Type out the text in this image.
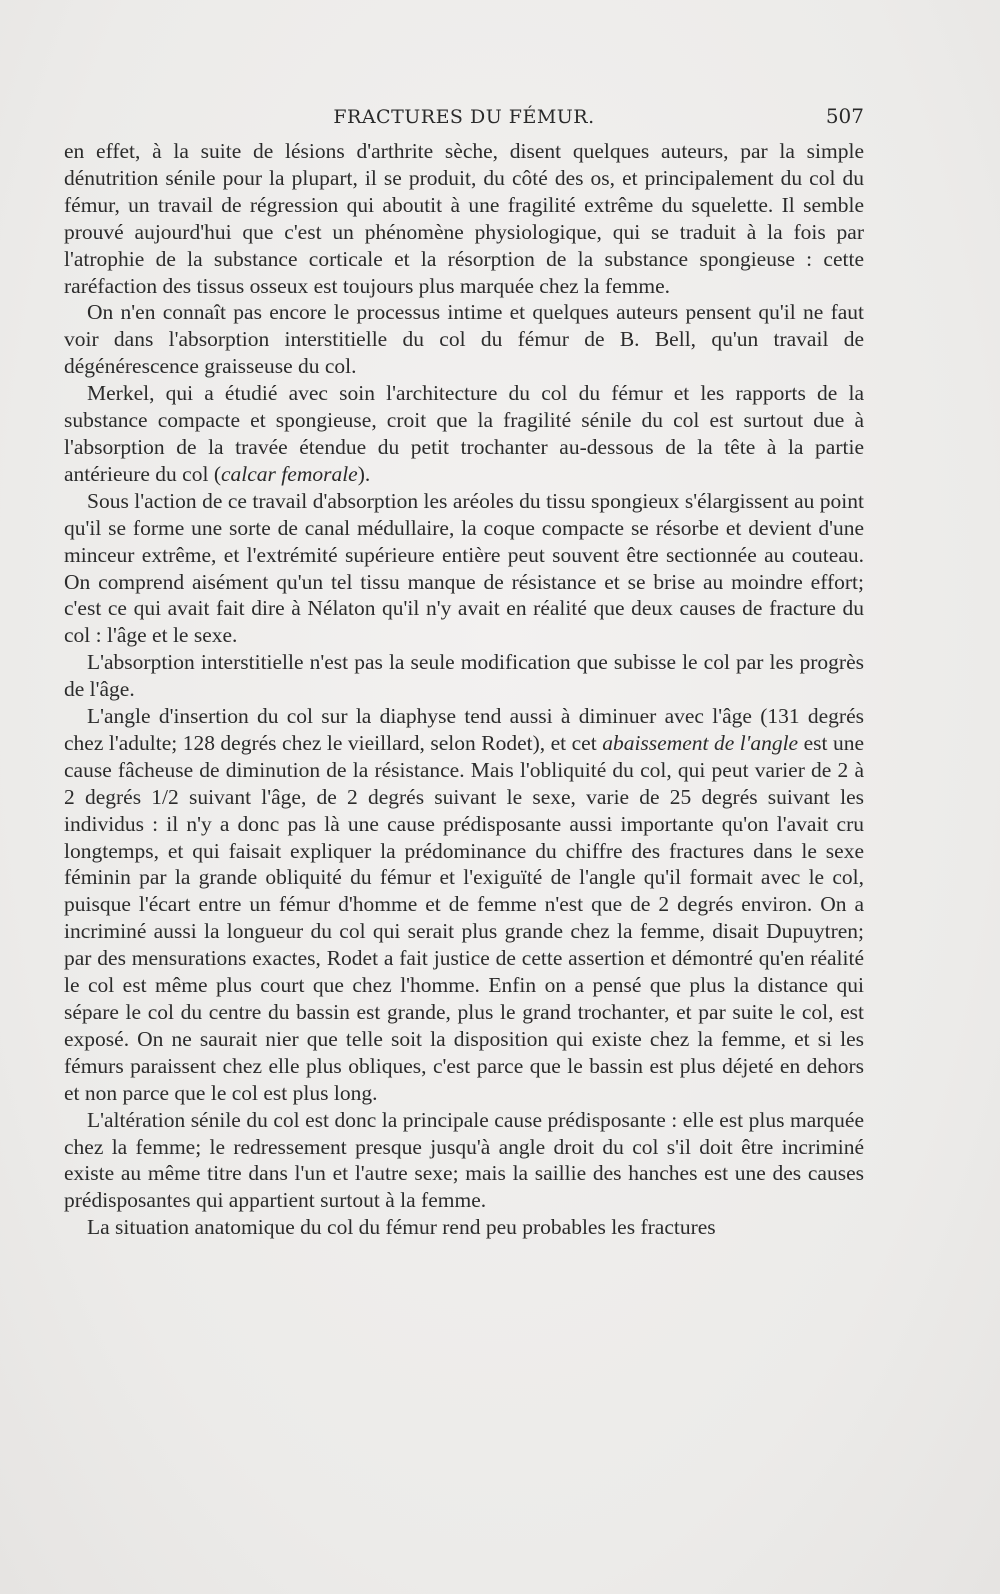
FRACTURES DU FÉMUR.	507

en effet, à la suite de lésions d'arthrite sèche, disent quelques auteurs, par la simple dénutrition sénile pour la plupart, il se produit, du côté des os, et principalement du col du fémur, un travail de régression qui aboutit à une fragilité extrême du squelette. Il semble prouvé aujourd'hui que c'est un phénomène physiologique, qui se traduit à la fois par l'atrophie de la substance corticale et la résorption de la substance spongieuse : cette raréfaction des tissus osseux est toujours plus marquée chez la femme.

On n'en connaît pas encore le processus intime et quelques auteurs pensent qu'il ne faut voir dans l'absorption interstitielle du col du fémur de B. Bell, qu'un travail de dégénérescence graisseuse du col.

Merkel, qui a étudié avec soin l'architecture du col du fémur et les rapports de la substance compacte et spongieuse, croit que la fragilité sénile du col est surtout due à l'absorption de la travée étendue du petit trochanter au-dessous de la tête à la partie antérieure du col (calcar femorale).

Sous l'action de ce travail d'absorption les aréoles du tissu spongieux s'élargissent au point qu'il se forme une sorte de canal médullaire, la coque compacte se résorbe et devient d'une minceur extrême, et l'extrémité supérieure entière peut souvent être sectionnée au couteau. On comprend aisément qu'un tel tissu manque de résistance et se brise au moindre effort; c'est ce qui avait fait dire à Nélaton qu'il n'y avait en réalité que deux causes de fracture du col : l'âge et le sexe.

L'absorption interstitielle n'est pas la seule modification que subisse le col par les progrès de l'âge.

L'angle d'insertion du col sur la diaphyse tend aussi à diminuer avec l'âge (131 degrés chez l'adulte; 128 degrés chez le vieillard, selon Rodet), et cet abaissement de l'angle est une cause fâcheuse de diminution de la résistance. Mais l'obliquité du col, qui peut varier de 2 à 2 degrés 1/2 suivant l'âge, de 2 degrés suivant le sexe, varie de 25 degrés suivant les individus : il n'y a donc pas là une cause prédisposante aussi importante qu'on l'avait cru longtemps, et qui faisait expliquer la prédominance du chiffre des fractures dans le sexe féminin par la grande obliquité du fémur et l'exiguïté de l'angle qu'il formait avec le col, puisque l'écart entre un fémur d'homme et de femme n'est que de 2 degrés environ. On a incriminé aussi la longueur du col qui serait plus grande chez la femme, disait Dupuytren; par des mensurations exactes, Rodet a fait justice de cette assertion et démontré qu'en réalité le col est même plus court que chez l'homme. Enfin on a pensé que plus la distance qui sépare le col du centre du bassin est grande, plus le grand trochanter, et par suite le col, est exposé. On ne saurait nier que telle soit la disposition qui existe chez la femme, et si les fémurs paraissent chez elle plus obliques, c'est parce que le bassin est plus déjeté en dehors et non parce que le col est plus long.

L'altération sénile du col est donc la principale cause prédisposante : elle est plus marquée chez la femme; le redressement presque jusqu'à angle droit du col s'il doit être incriminé existe au même titre dans l'un et l'autre sexe; mais la saillie des hanches est une des causes prédisposantes qui appartient surtout à la femme.

La situation anatomique du col du fémur rend peu probables les fractures
